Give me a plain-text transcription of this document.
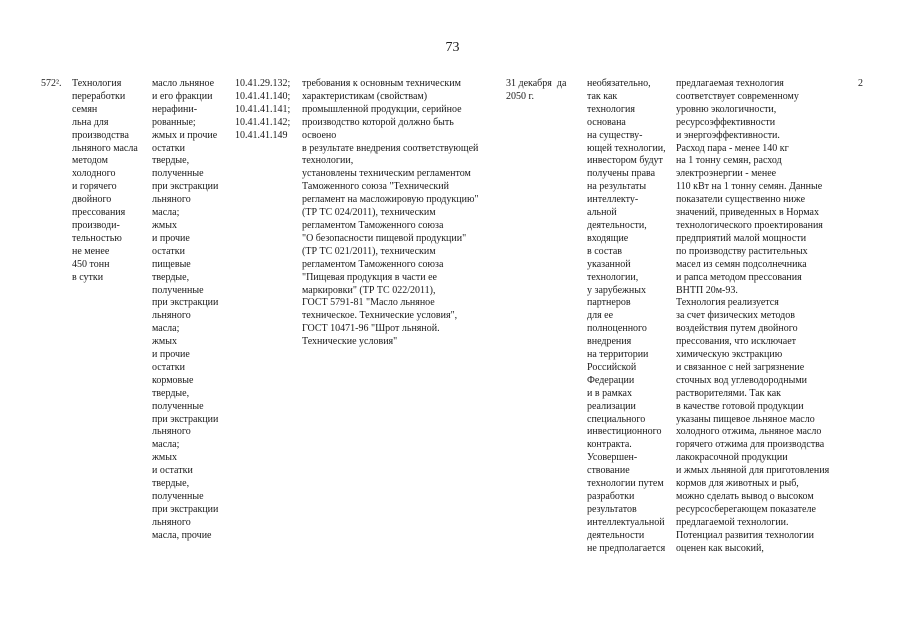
73
572². Технология
переработки
семян
льна для
производства
льняного масла
методом
холодного
и горячего
двойного
прессования
производи-
тельностью
не менее
450 тонн
в сутки
масло льняное
и его фракции
нерафини-
рованные;
жмых и прочие
остатки
твердые,
полученные
при экстракции
льняного
масла;
жмых
и прочие
остатки
пищевые
твердые,
полученные
при экстракции
льняного
масла;
жмых
и прочие
остатки
кормовые
твердые,
полученные
при экстракции
льняного
масла;
жмых
и остатки
твердые,
полученные
при экстракции
льняного
масла, прочие
10.41.29.132;
10.41.41.140;
10.41.41.141;
10.41.41.142;
10.41.41.149
требования к основным техническим
характеристикам (свойствам)
промышленной продукции, серийное
производство которой должно быть
освоено
в результате внедрения соответствующей
технологии,
установлены техническим регламентом
Таможенного союза "Технический
регламент на масложировую продукцию"
(ТР ТС 024/2011), техническим
регламентом Таможенного союза
"О безопасности пищевой продукции"
(ТР ТС 021/2011), техническим
регламентом Таможенного союза
"Пищевая продукция в части ее
маркировки" (ТР ТС 022/2011),
ГОСТ 5791-81 "Масло льняное
техническое. Технические условия",
ГОСТ 10471-96 "Шрот льняной.
Технические условия"
31 декабря  да
2050 г.
необязательно,
так как
технология
основана
на существу-
ющей технологии,
инвестором будут
получены права
на результаты
интеллекту-
альной
деятельности,
входящие
в состав
указанной
технологии,
у зарубежных
партнеров
для ее
полноценного
внедрения
на территории
Российской
Федерации
и в рамках
реализации
специального
инвестиционного
контракта.
Усовершен-
ствование
технологии путем
разработки
результатов
интеллектуальной
деятельности
не предполагается
предлагаемая технология
соответствует современному
уровню экологичности,
ресурсоэффективности
и энергоэффективности.
Расход пара - менее 140 кг
на 1 тонну семян, расход
электроэнергии - менее
110 кВт на 1 тонну семян. Данные
показатели существенно ниже
значений, приведенных в Нормах
технологического проектирования
предприятий малой мощности
по производству растительных
масел из семян подсолнечника
и рапса методом прессования
ВНТП 20м-93.
Технология реализуется
за счет физических методов
воздействия путем двойного
прессования, что исключает
химическую экстракцию
и связанное с ней загрязнение
сточных вод углеводородными
растворителями. Так как
в качестве готовой продукции
указаны пищевое льняное масло
холодного отжима, льняное масло
горячего отжима для производства
лакокрасочной продукции
и жмых льняной для приготовления
кормов для животных и рыб,
можно сделать вывод о высоком
ресурсосберегающем показателе
предлагаемой технологии.
Потенциал развития технологии
оценен как высокий,
2
